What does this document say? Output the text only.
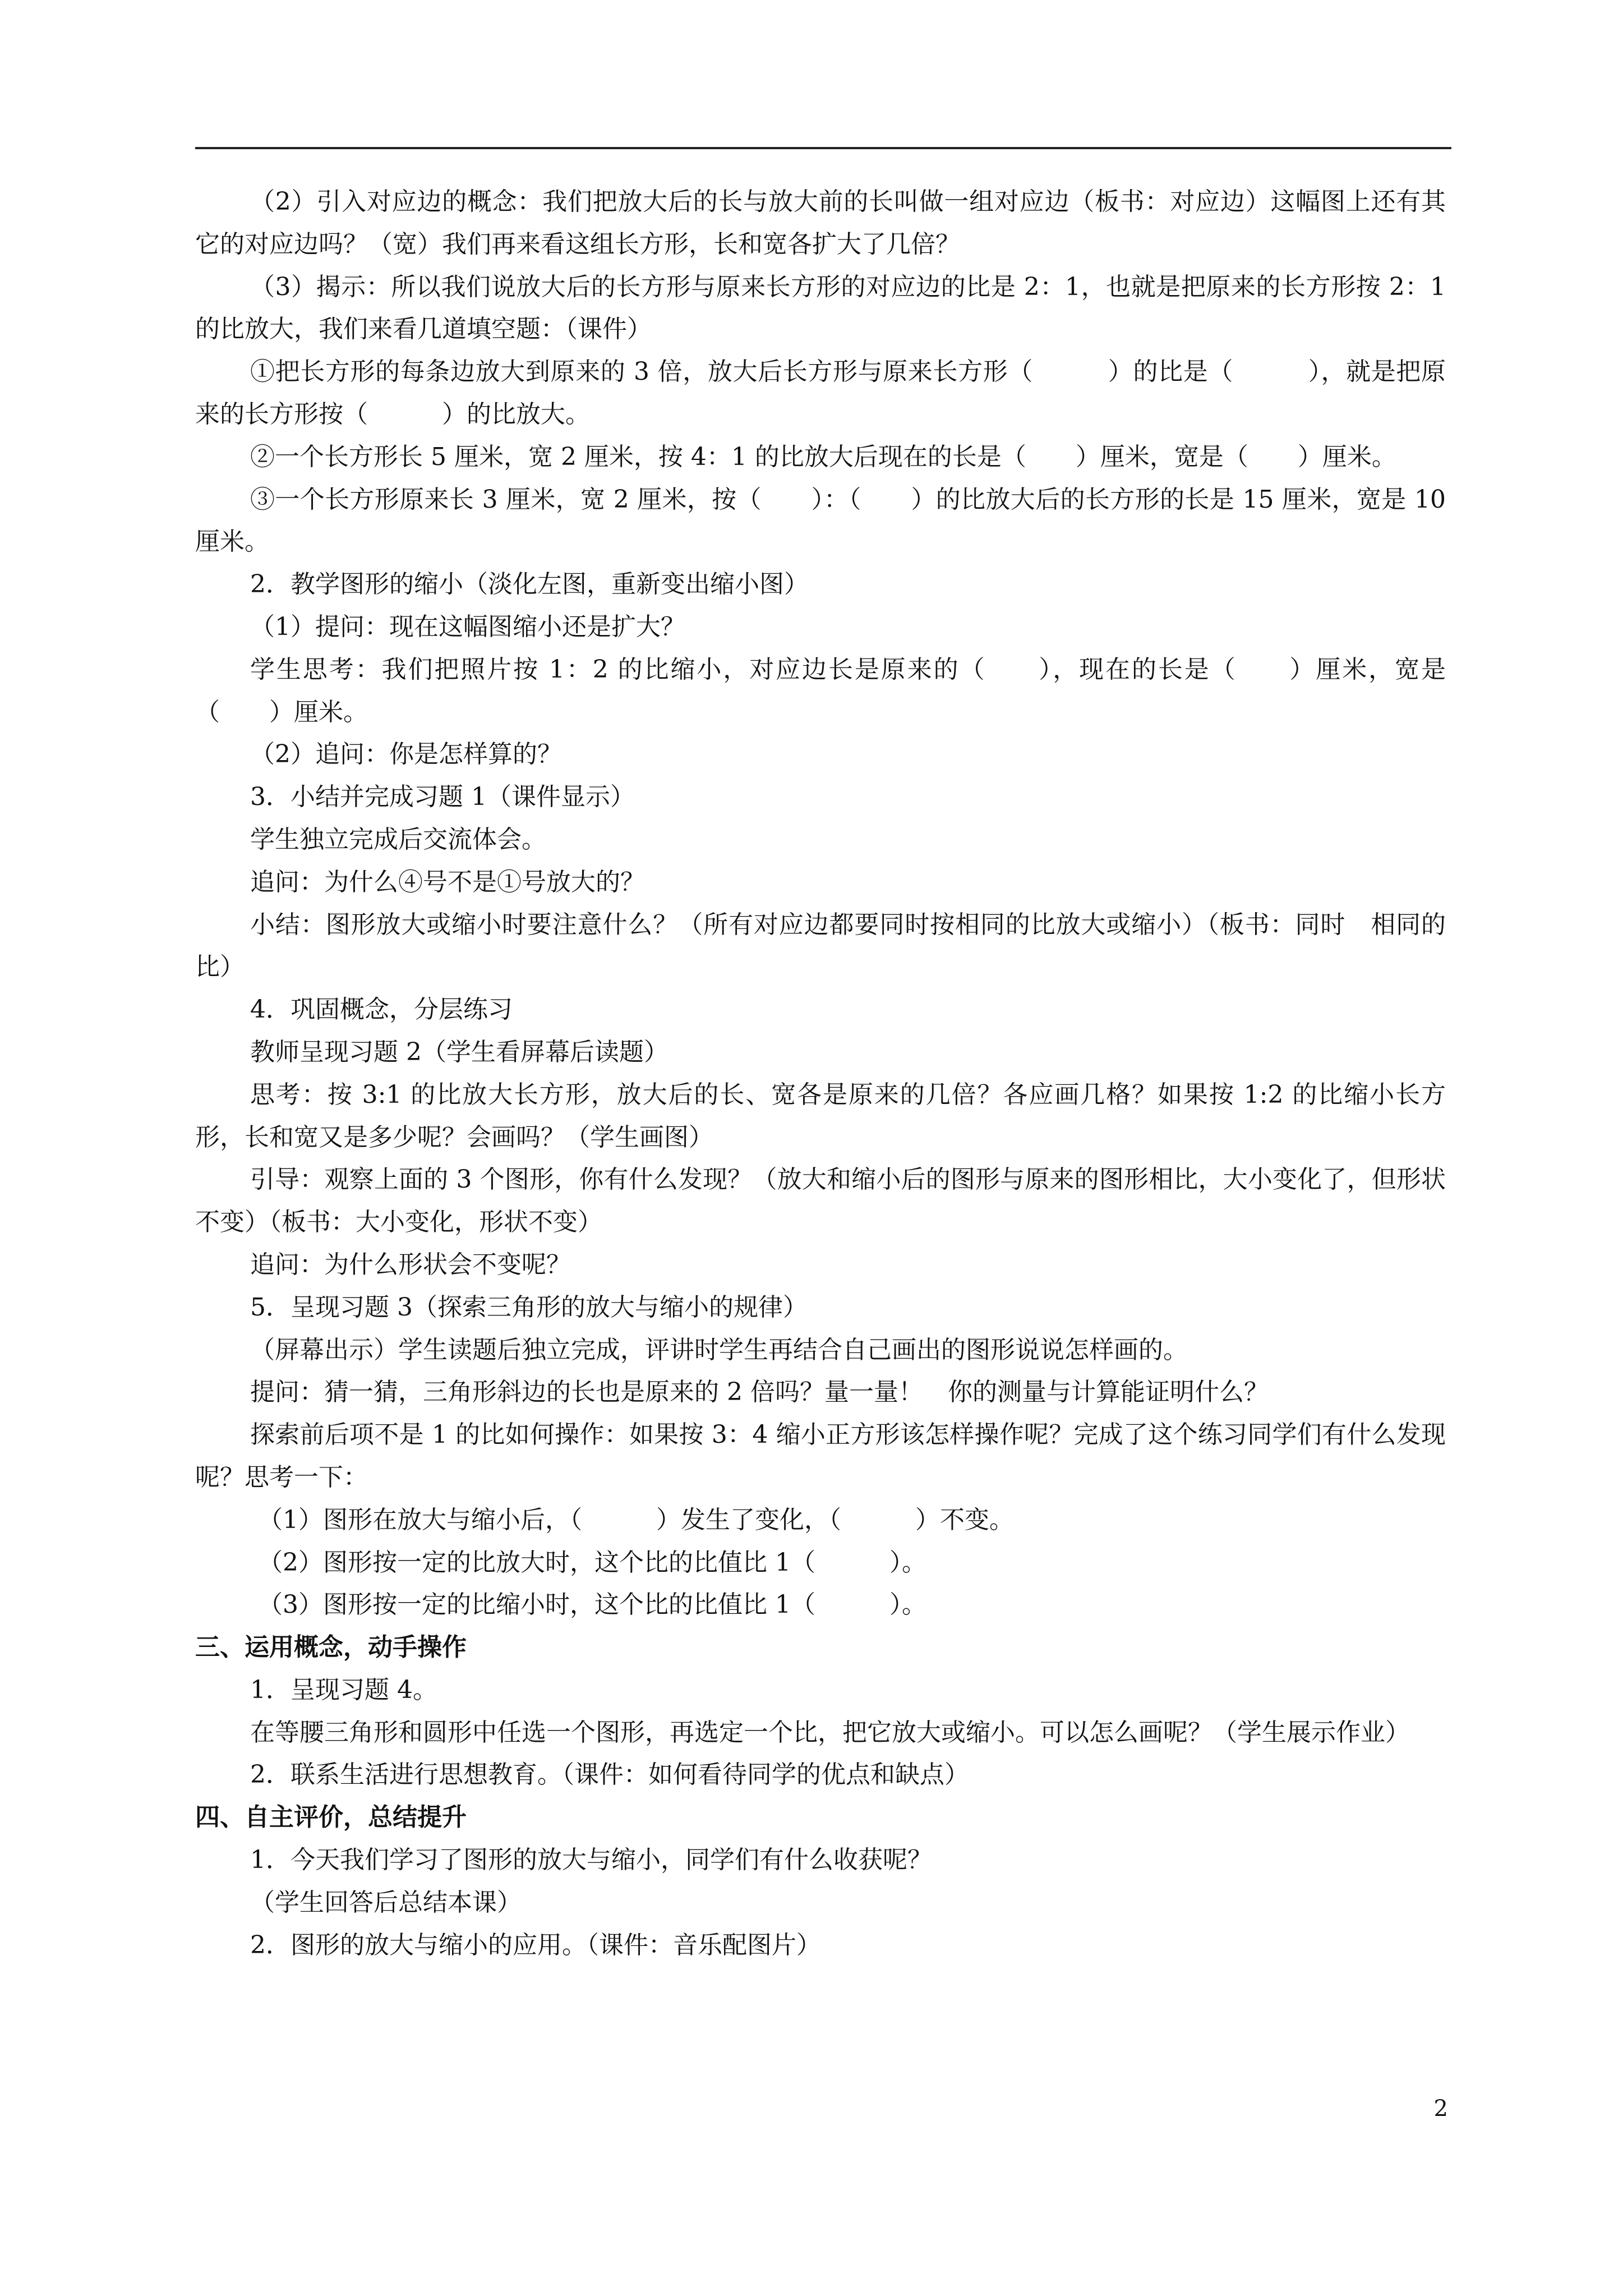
（2）引入对应边的概念：我们把放大后的长与放大前的长叫做一组对应边（板书：对应边）这幅图上还有其它的对应边吗？（宽）我们再来看这组长方形，长和宽各扩大了几倍？

（3）揭示：所以我们说放大后的长方形与原来长方形的对应边的比是 2：1，也就是把原来的长方形按 2：1 的比放大，我们来看几道填空题：（课件）

①把长方形的每条边放大到原来的 3 倍，放大后长方形与原来长方形（　　　）的比是（　　　），就是把原来的长方形按（　　　）的比放大。

②一个长方形长 5 厘米，宽 2 厘米，按 4：1 的比放大后现在的长是（　　）厘米，宽是（　　）厘米。

③一个长方形原来长 3 厘米，宽 2 厘米，按（　　）：（　　）的比放大后的长方形的长是 15 厘米，宽是 10 厘米。

2．教学图形的缩小（淡化左图，重新变出缩小图）

（1）提问：现在这幅图缩小还是扩大？

学生思考：我们把照片按 1：2 的比缩小，对应边长是原来的（　　），现在的长是（　　）厘米，宽是（　　）厘米。

（2）追问：你是怎样算的？

3．小结并完成习题 1（课件显示）

学生独立完成后交流体会。

追问：为什么④号不是①号放大的？

小结：图形放大或缩小时要注意什么？（所有对应边都要同时按相同的比放大或缩小）（板书：同时　相同的比）

4．巩固概念，分层练习

教师呈现习题 2（学生看屏幕后读题）

思考：按 3:1 的比放大长方形，放大后的长、宽各是原来的几倍？各应画几格？如果按 1:2 的比缩小长方形，长和宽又是多少呢？会画吗？（学生画图）

引导：观察上面的 3 个图形，你有什么发现？（放大和缩小后的图形与原来的图形相比，大小变化了，但形状不变）（板书：大小变化，形状不变）

追问：为什么形状会不变呢？

5．呈现习题 3（探索三角形的放大与缩小的规律）

（屏幕出示）学生读题后独立完成，评讲时学生再结合自己画出的图形说说怎样画的。

提问：猜一猜，三角形斜边的长也是原来的 2 倍吗？量一量！　你的测量与计算能证明什么？

探索前后项不是 1 的比如何操作：如果按 3：4 缩小正方形该怎样操作呢？完成了这个练习同学们有什么发现呢？思考一下：

（1）图形在放大与缩小后，（　　　）发生了变化，（　　　）不变。

（2）图形按一定的比放大时，这个比的比值比 1（　　　）。

（3）图形按一定的比缩小时，这个比的比值比 1（　　　）。

三、运用概念，动手操作

1．呈现习题 4。

在等腰三角形和圆形中任选一个图形，再选定一个比，把它放大或缩小。可以怎么画呢？（学生展示作业）

2．联系生活进行思想教育。（课件：如何看待同学的优点和缺点）

四、自主评价，总结提升

1．今天我们学习了图形的放大与缩小，同学们有什么收获呢？

（学生回答后总结本课）

2．图形的放大与缩小的应用。（课件：音乐配图片）

2
